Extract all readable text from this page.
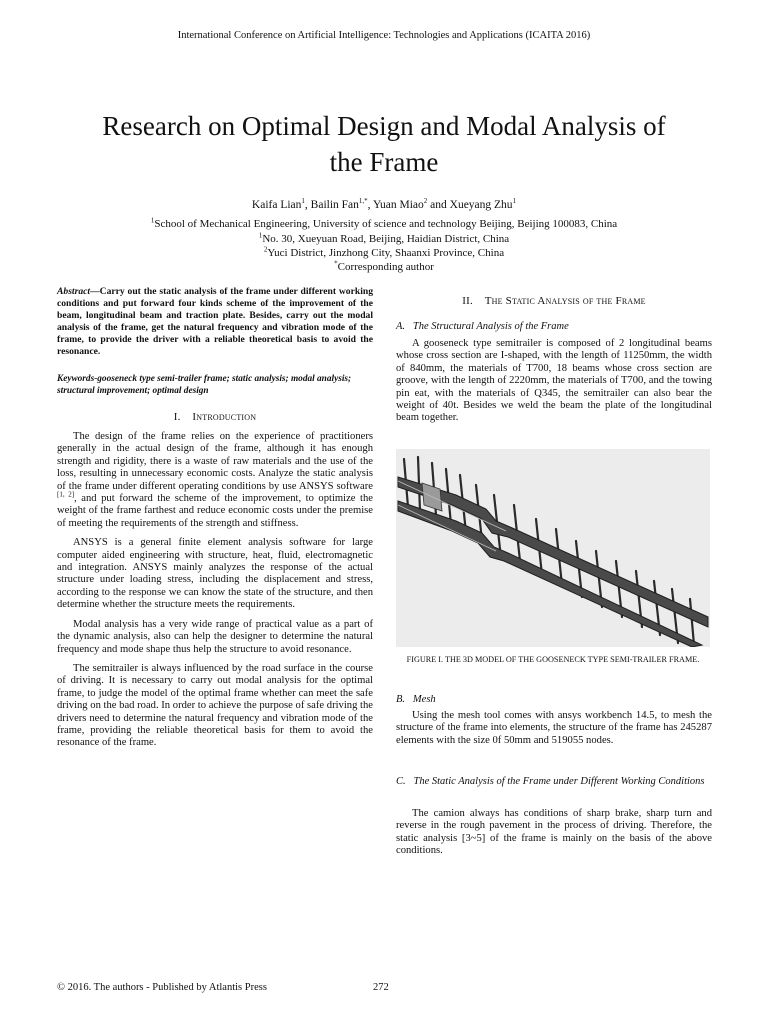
International Conference on Artificial Intelligence: Technologies and Applications (ICAITA 2016)
Research on Optimal Design and Modal Analysis of
the Frame
Kaifa Lian$^1$, Bailin Fan$^{1,*}$, Yuan Miao$^2$ and Xueyang Zhu$^1$
$^1$School of Mechanical Engineering, University of science and technology Beijing, Beijing 100083, China
$^1$No. 30, Xueyuan Road, Beijing, Haidian District, China
$^2$Yuci District, Jinzhong City, Shaanxi Province, China
*Corresponding author
Abstract—Carry out the static analysis of the frame under different working conditions and put forward four kinds scheme of the improvement of the beam, longitudinal beam and traction plate. Besides, carry out the modal analysis of the frame, get the natural frequency and vibration mode of the frame, to provide the driver with a reliable theoretical basis to avoid the resonance.
Keywords-gooseneck type semi-trailer frame; static analysis; modal analysis; structural improvement; optimal design
I. Introduction

The design of the frame relies on the experience of practitioners generally in the actual design of the frame, although it has enough strength and rigidity, there is a waste of raw materials and the use of the loss, resulting in unnecessary economic costs. Analyze the static analysis of the frame under different operating conditions by use ANSYS software [1, 2], and put forward the scheme of the improvement, to optimize the weight of the frame farthest and reduce economic costs under the premise of meeting the requirements of the strength and stiffness.

ANSYS is a general finite element analysis software for large computer aided engineering with structure, heat, fluid, electromagnetic and integration. ANSYS mainly analyzes the response of the actual structure under loading stress, including the displacement and stress, according to the response we can know the state of the structure, and then determine whether the structure meets the requirements.

Modal analysis has a very wide range of practical value as a part of the dynamic analysis, also can help the designer to determine the natural frequency and mode shape thus help the structure to avoid resonance.

The semitrailer is always influenced by the road surface in the course of driving. It is necessary to carry out modal analysis for the optimal frame, to judge the model of the optimal frame whether can meet the safe driving on the bad road. In order to achieve the purpose of safe driving the drivers need to determine the natural frequency and vibration mode of the frame, providing the reliable theoretical basis for them to avoid the resonance of the frame.

II. The Static Analysis of the Frame
A. The Structural Analysis of the Frame

A gooseneck type semitrailer is composed of 2 longitudinal beams whose cross section are I-shaped, with the length of 11250mm, the width of 840mm, the materials of T700, 18 beams whose cross section are groove, with the length of 2220mm, the materials of T700, and the towing pin eat, with the materials of Q345, the semitrailer can also bear the weight of 40t. Besides we weld the beam the plate of the longitudinal beam together.

FIGURE I. THE 3D MODEL OF THE GOOSENECK TYPE SEMI-TRAILER FRAME.
B. Mesh

Using the mesh tool comes with ansys workbench 14.5, to mesh the structure of the frame into elements, the structure of the frame has 245287 elements with the size 0f 50mm and 519055 nodes.

C. The Static Analysis of the Frame under Different Working Conditions

The camion always has conditions of sharp brake, sharp turn and reverse in the rough pavement in the process of driving. Therefore, the static analysis [3~5] of the frame is mainly on the basis of the above conditions.

© 2016. The authors - Published by Atlantis Press	272
